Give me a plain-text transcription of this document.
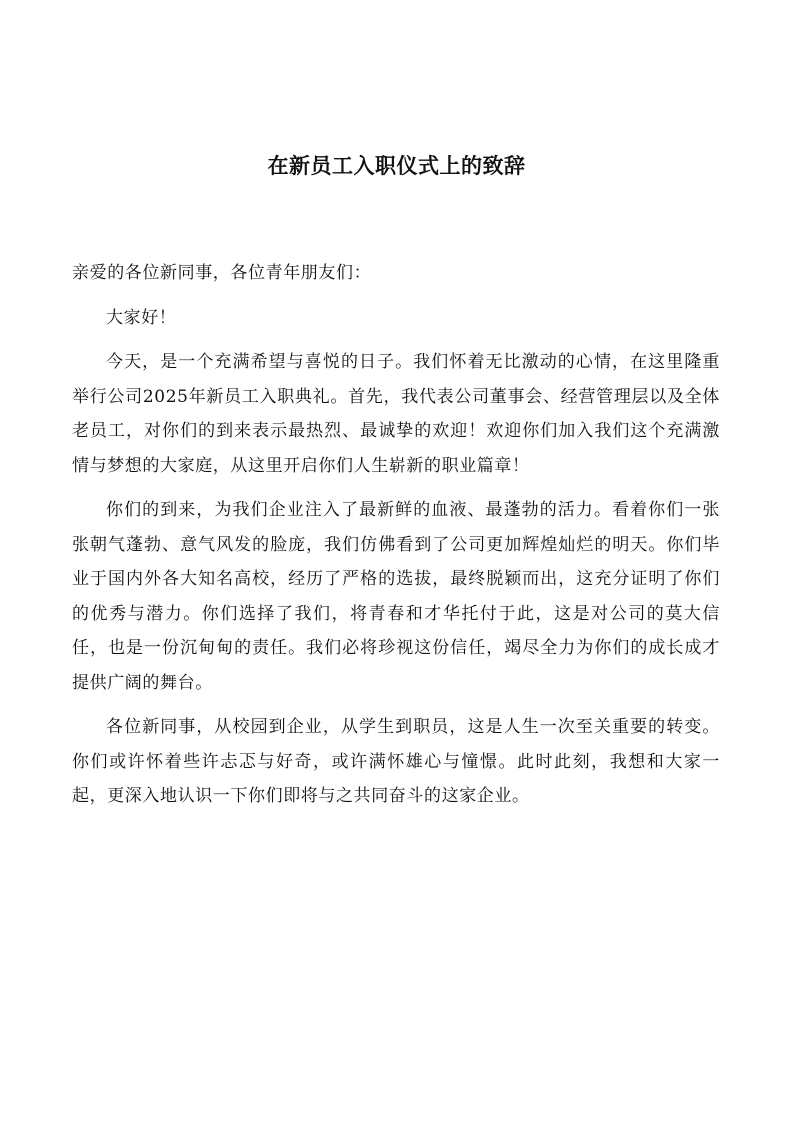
在新员工入职仪式上的致辞

亲爱的各位新同事，各位青年朋友们：

大家好！

今天，是一个充满希望与喜悦的日子。我们怀着无比激动的心情，在这里隆重举行公司2025年新员工入职典礼。首先，我代表公司董事会、经营管理层以及全体老员工，对你们的到来表示最热烈、最诚挚的欢迎！欢迎你们加入我们这个充满激情与梦想的大家庭，从这里开启你们人生崭新的职业篇章！

你们的到来，为我们企业注入了最新鲜的血液、最蓬勃的活力。看着你们一张张朝气蓬勃、意气风发的脸庞，我们仿佛看到了公司更加辉煌灿烂的明天。你们毕业于国内外各大知名高校，经历了严格的选拔，最终脱颖而出，这充分证明了你们的优秀与潜力。你们选择了我们，将青春和才华托付于此，这是对公司的莫大信任，也是一份沉甸甸的责任。我们必将珍视这份信任，竭尽全力为你们的成长成才提供广阔的舞台。

各位新同事，从校园到企业，从学生到职员，这是人生一次至关重要的转变。你们或许怀着些许忐忑与好奇，或许满怀雄心与憧憬。此时此刻，我想和大家一起，更深入地认识一下你们即将与之共同奋斗的这家企业。
